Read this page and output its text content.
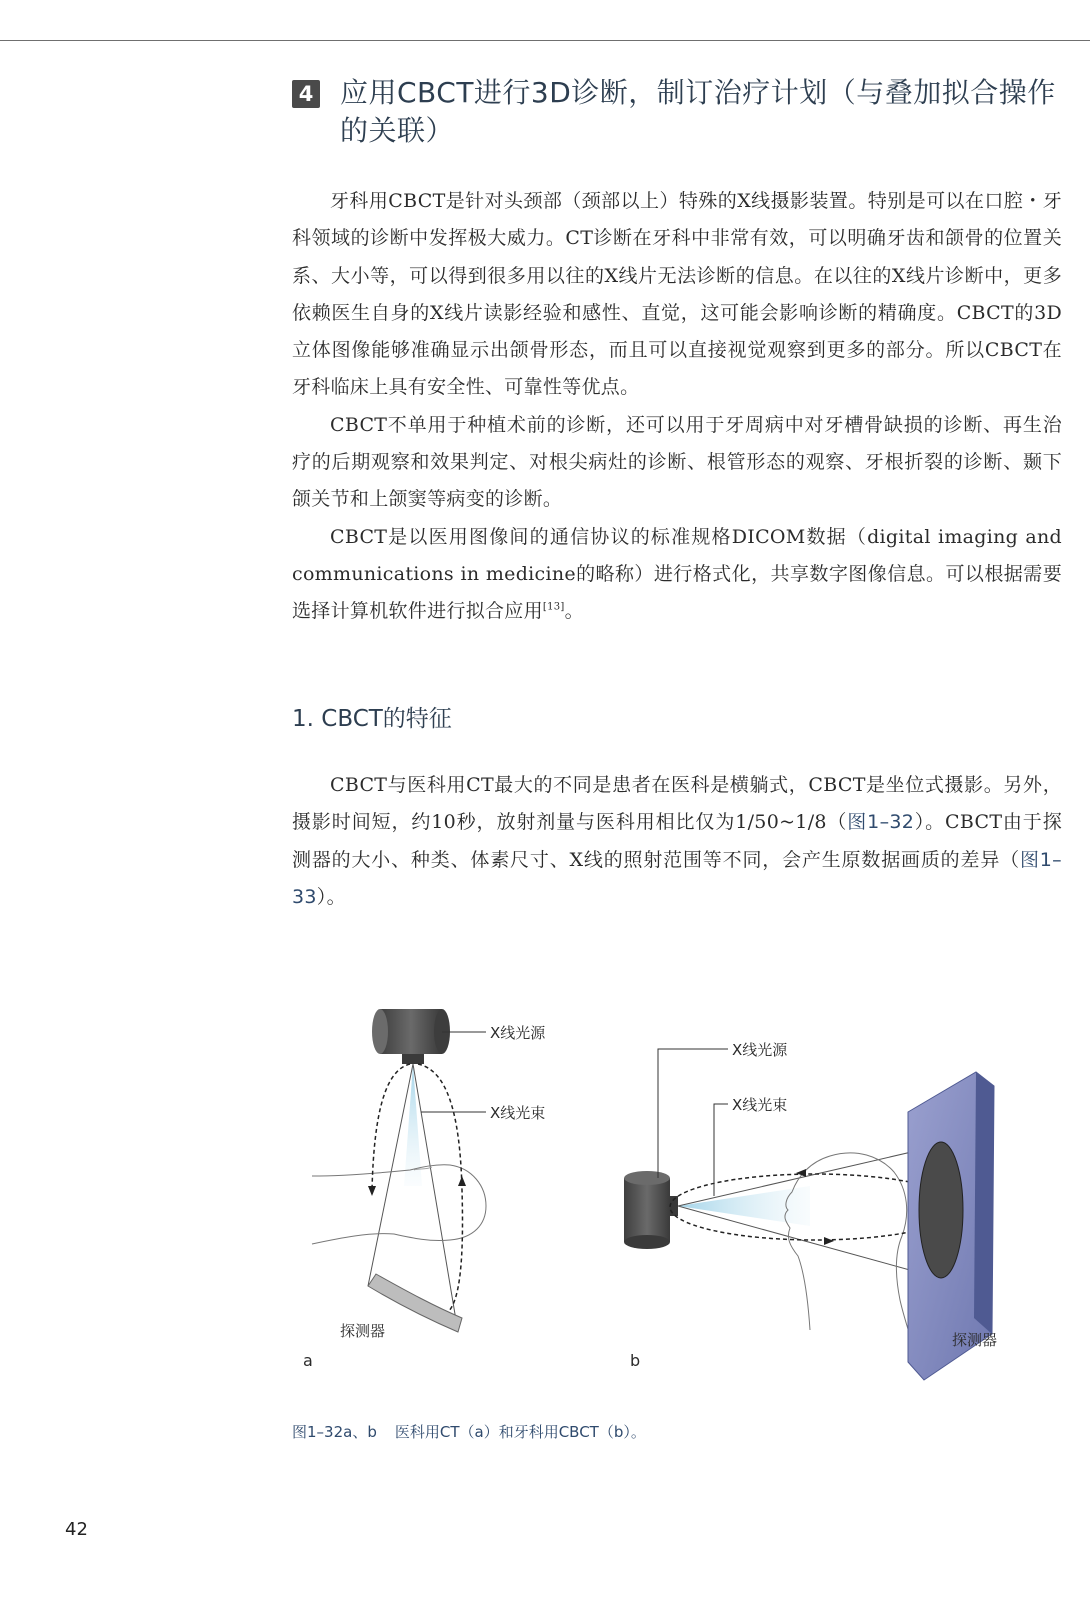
4 应用CBCT进行3D诊断，制订治疗计划（与叠加拟合操作的关联）

牙科用CBCT是针对头颈部（颈部以上）特殊的X线摄影装置。特别是可以在口腔・牙科领域的诊断中发挥极大威力。CT诊断在牙科中非常有效，可以明确牙齿和颌骨的位置关系、大小等，可以得到很多用以往的X线片无法诊断的信息。在以往的X线片诊断中，更多依赖医生自身的X线片读影经验和感性、直觉，这可能会影响诊断的精确度。CBCT的3D立体图像能够准确显示出颌骨形态，而且可以直接视觉观察到更多的部分。所以CBCT在牙科临床上具有安全性、可靠性等优点。

CBCT不单用于种植术前的诊断，还可以用于牙周病中对牙槽骨缺损的诊断、再生治疗的后期观察和效果判定、对根尖病灶的诊断、根管形态的观察、牙根折裂的诊断、颞下颌关节和上颌窦等病变的诊断。

CBCT是以医用图像间的通信协议的标准规格DICOM数据（digital imaging and communications in medicine的略称）进行格式化，共享数字图像信息。可以根据需要选择计算机软件进行拟合应用[13]。

1. CBCT的特征

CBCT与医科用CT最大的不同是患者在医科是横躺式，CBCT是坐位式摄影。另外，摄影时间短，约10秒，放射剂量与医科用相比仅为1/50~1/8（图1–32）。CBCT由于探测器的大小、种类、体素尺寸、X线的照射范围等不同，会产生原数据画质的差异（图1–33）。

X线光源
X线光束
探测器
a
X线光源
X线光束
探测器
b
图1–32a、b 医科用CT（a）和牙科用CBCT（b）。
42
